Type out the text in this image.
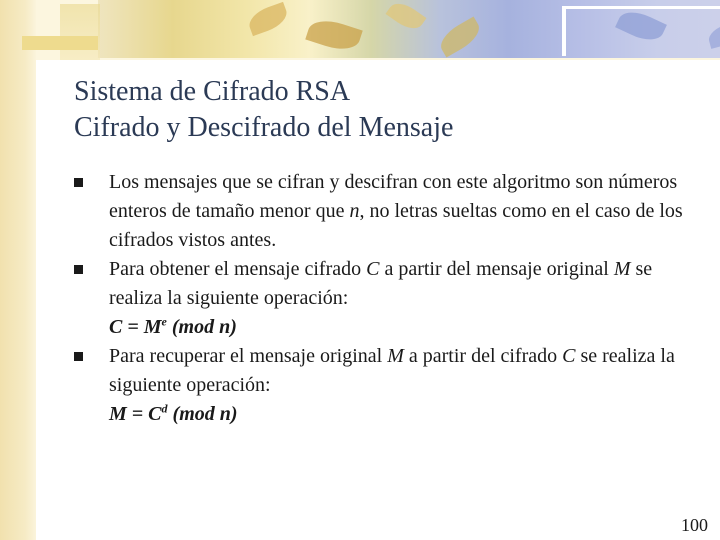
Sistema de Cifrado RSA
Cifrado y Descifrado del Mensaje
Los mensajes que se cifran y descifran con este algoritmo son números enteros de tamaño menor que n, no letras sueltas como en el caso de los cifrados vistos antes.
Para obtener el mensaje cifrado C a partir del mensaje original M se realiza la siguiente operación:
$C = M^e$ (mod n)
Para recuperar el mensaje original M a partir del cifrado C se realiza la siguiente operación:
$M = C^d$ (mod n)
100
